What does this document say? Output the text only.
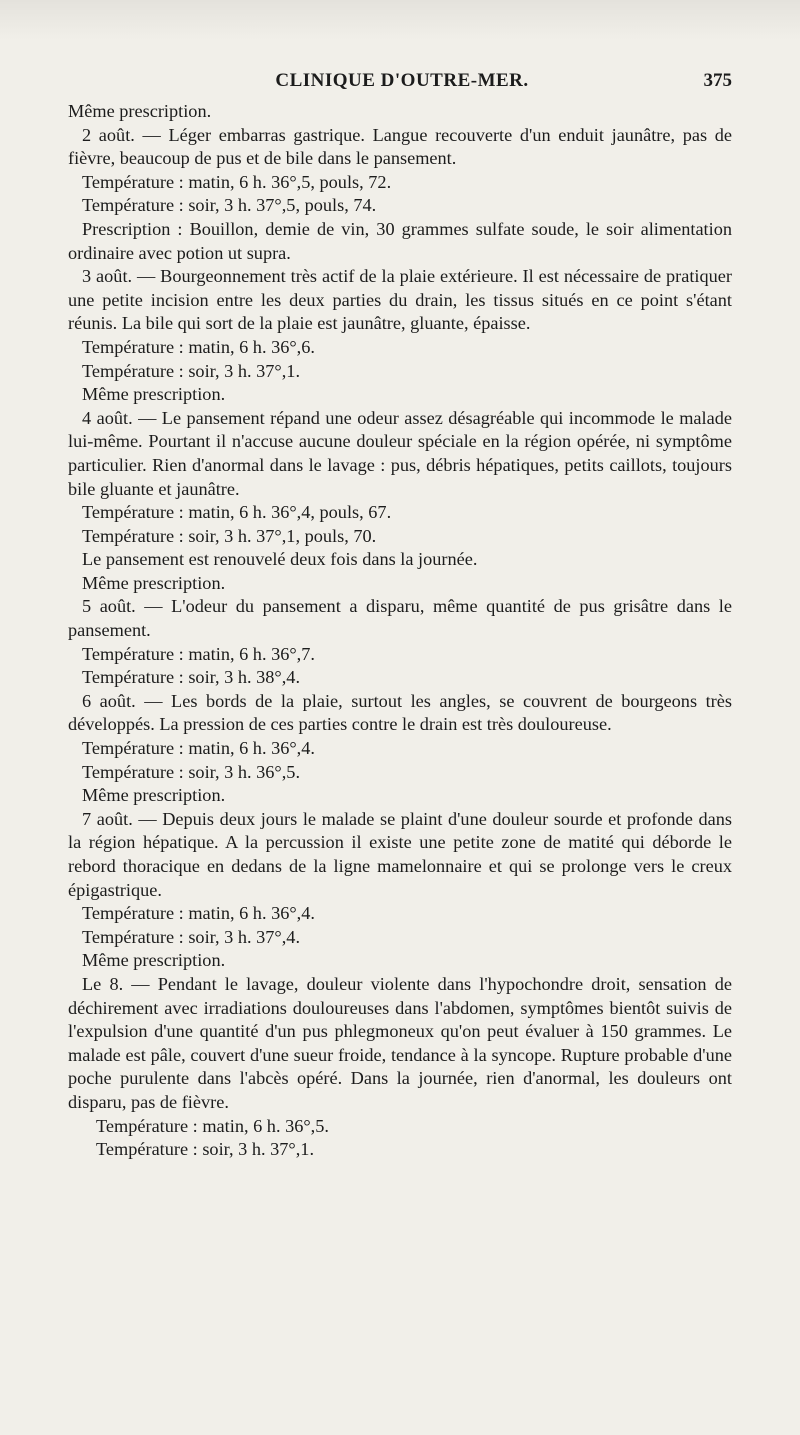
CLINIQUE D'OUTRE-MER.	375

Même prescription.

2 août. — Léger embarras gastrique. Langue recouverte d'un enduit jaunâtre, pas de fièvre, beaucoup de pus et de bile dans le pansement.

Température : matin, 6 h. 36°,5, pouls, 72.

Température : soir, 3 h. 37°,5, pouls, 74.

Prescription : Bouillon, demie de vin, 30 grammes sulfate soude, le soir alimentation ordinaire avec potion ut supra.

3 août. — Bourgeonnement très actif de la plaie extérieure. Il est nécessaire de pratiquer une petite incision entre les deux parties du drain, les tissus situés en ce point s'étant réunis. La bile qui sort de la plaie est jaunâtre, gluante, épaisse.

Température : matin, 6 h. 36°,6.

Température : soir, 3 h. 37°,1.

Même prescription.

4 août. — Le pansement répand une odeur assez désagréable qui incommode le malade lui-même. Pourtant il n'accuse aucune douleur spéciale en la région opérée, ni symptôme particulier. Rien d'anormal dans le lavage : pus, débris hépatiques, petits caillots, toujours bile gluante et jaunâtre.

Température : matin, 6 h. 36°,4, pouls, 67.

Température : soir, 3 h. 37°,1, pouls, 70.

Le pansement est renouvelé deux fois dans la journée.

Même prescription.

5 août. — L'odeur du pansement a disparu, même quantité de pus grisâtre dans le pansement.

Température : matin, 6 h. 36°,7.

Température : soir, 3 h. 38°,4.

6 août. — Les bords de la plaie, surtout les angles, se couvrent de bourgeons très développés. La pression de ces parties contre le drain est très douloureuse.

Température : matin, 6 h. 36°,4.

Température : soir, 3 h. 36°,5.

Même prescription.

7 août. — Depuis deux jours le malade se plaint d'une douleur sourde et profonde dans la région hépatique. A la percussion il existe une petite zone de matité qui déborde le rebord thoracique en dedans de la ligne mamelonnaire et qui se prolonge vers le creux épigastrique.

Température : matin, 6 h. 36°,4.

Température : soir, 3 h. 37°,4.

Même prescription.

Le 8. — Pendant le lavage, douleur violente dans l'hypochondre droit, sensation de déchirement avec irradiations douloureuses dans l'abdomen, symptômes bientôt suivis de l'expulsion d'une quantité d'un pus phlegmoneux qu'on peut évaluer à 150 grammes. Le malade est pâle, couvert d'une sueur froide, tendance à la syncope. Rupture probable d'une poche purulente dans l'abcès opéré. Dans la journée, rien d'anormal, les douleurs ont disparu, pas de fièvre.

Température : matin, 6 h. 36°,5.

Température : soir, 3 h. 37°,1.
